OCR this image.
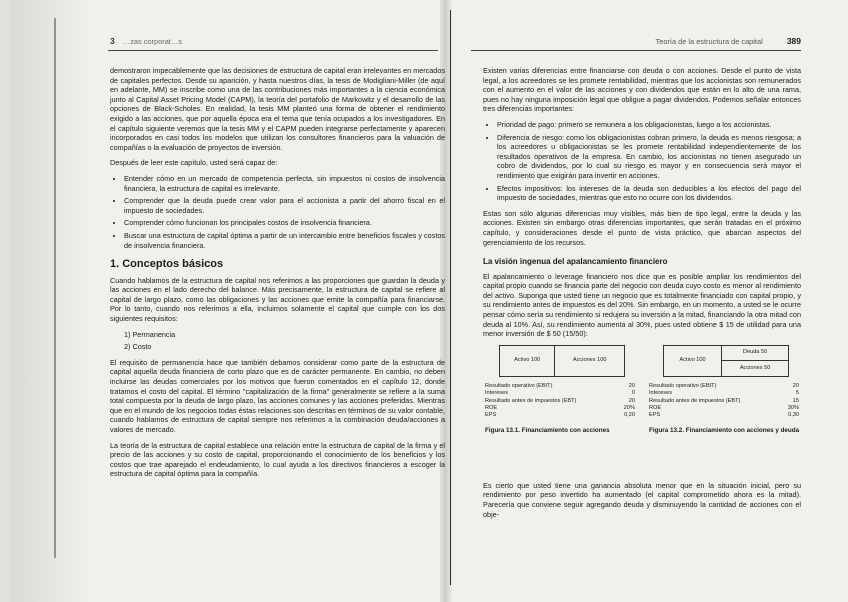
3 …zas corporat…s

demostraron impecablemente que las decisiones de estructura de capital eran irrelevantes en mercados de capitales perfectos. Desde su aparición, y hasta nuestros días, la tesis de Modigliani-Miller (de aquí en adelante, MM) se inscribe como una de las contribuciones más importantes a la ciencia económica junto al Capital Asset Pricing Model (CAPM), la teoría del portafolio de Markowitz y el desarrollo de las opciones de Black-Scholes. En realidad, la tesis MM planteó una forma de obtener el rendimiento exigido a las acciones, que por aquella época era el tema que tenía ocupados a los investigadores. En el capítulo siguiente veremos que la tesis MM y el CAPM pueden integrarse perfectamente y aparecen incorporados en casi todos los modelos que utilizan los consultores financieros para la valuación de compañías o la evaluación de proyectos de inversión.

Después de leer este capítulo, usted será capaz de:

• Entender cómo en un mercado de competencia perfecta, sin impuestos ni costos de insolvencia financiera, la estructura de capital es irrelevante.
• Comprender que la deuda puede crear valor para el accionista a partir del ahorro fiscal en el impuesto de sociedades.
• Comprender cómo funcionan los principales costos de insolvencia financiera.
• Buscar una estructura de capital óptima a partir de un intercambio entre beneficios fiscales y costos de insolvencia financiera.
1. Conceptos básicos

Cuando hablamos de la estructura de capital nos referimos a las proporciones que guardan la deuda y las acciones en el lado derecho del balance. Más precisamente, la estructura de capital se refiere al capital de largo plazo, como las obligaciones y las acciones que emite la compañía para financiarse. Por lo tanto, cuando nos referimos a ella, incluimos solamente el capital que cumple con los dos siguientes requisitos:

1) Permanencia
2) Costo

El requisito de permanencia hace que también debamos considerar como parte de la estructura de capital aquella deuda financiera de corto plazo que es de carácter permanente. En cambio, no deben incluirse las deudas comerciales por los motivos que fueron comentados en el capítulo 12, donde tratamos el costo del capital. El término "capitalización de la firma" generalmente se refiere a la suma total compuesta por la deuda de largo plazo, las acciones comunes y las acciones preferidas. Mientras que en el mundo de los negocios todas éstas relaciones son descritas en términos de su valor contable, cuando hablamos de estructura de capital siempre nos referimos a la combinación deuda/acciones a valores de mercado.

La teoría de la estructura de capital establece una relación entre la estructura de capital de la firma y el precio de las acciones y su costo de capital, proporcionando el conocimiento de los beneficios y los costos que trae aparejado el endeudamiento, lo cual ayuda a los directivos financieros a escoger la estructura de capital óptima para la compañía.

Teoría de la estructura de capital	389

Existen varias diferencias entre financiarse con deuda o con acciones. Desde el punto de vista legal, a los acreedores se les promete rentabilidad, mientras que los accionistas son remunerados con el aumento en el valor de las acciones y con dividendos que están en lo alto de una rama, pues no hay ninguna imposición legal que obligue a pagar dividendos. Podemos señalar entonces tres diferencias importantes:

• Prioridad de pago: primero se remunera a los obligacionistas, luego a los accionistas.
• Diferencia de riesgo: como los obligacionistas cobran primero, la deuda es menos riesgosa; a los acreedores u obligacionistas se les promete rentabilidad independientemente de los resultados operativos de la empresa. En cambio, los accionistas no tienen asegurado un cobro de dividendos, por lo cual su riesgo es mayor y en consecuencia será mayor el rendimiento que exigirán para invertir en acciones.
• Efectos impositivos: los intereses de la deuda son deducibles a los efectos del pago del impuesto de sociedades, mientras que esto no ocurre con los dividendos.

Estas son sólo algunas diferencias muy visibles, más bien de tipo legal, entre la deuda y las acciones. Existen sin embargo otras diferencias importantes, que serán tratadas en el próximo capítulo, y consideraciones desde el punto de vista práctico, que abarcan aspectos del gerenciamiento de los recursos.

La visión ingenua del apalancamiento financiero

El apalancamiento o leverage financiero nos dice que es posible ampliar los rendimientos del capital propio cuando se financia parte del negocio con deuda cuyo costo es menor al rendimiento del activo. Suponga que usted tiene un negocio que es totalmente financiado con capital propio, y su rendimiento antes de impuestos es del 20%. Sin embargo, en un momento, a usted se le ocurre pensar cómo sería su rendimiento si redujera su inversión a la mitad, financiando la otra mitad con deuda al 10%. Así, su rendimiento aumenta al 30%, pues usted obtiene $ 15 de utilidad para una menor inversión de $ 50 (15/50):

Activo 100	Acciones 100
Resultado operativo (EBIT)	20
Intereses	0
Resultado antes de impuestos (EBT)	20
ROE	20%
EPS	0,20
Figura 13.1. Financiamiento con acciones
Activo 100	Deuda 50
Acciones 50
Resultado operativo (EBIT)	20
Intereses	5
Resultado antes de impuestos (EBT)	15
ROE	30%
EPS	0,30
Figura 13.2. Financiamiento con acciones y deuda

Es cierto que usted tiene una ganancia absoluta menor que en la situación inicial, pero su rendimiento por peso invertido ha aumentado (el capital comprometido ahora es la mitad). Parecería que conviene seguir agregando deuda y disminuyendo la cantidad de acciones con el obje-
